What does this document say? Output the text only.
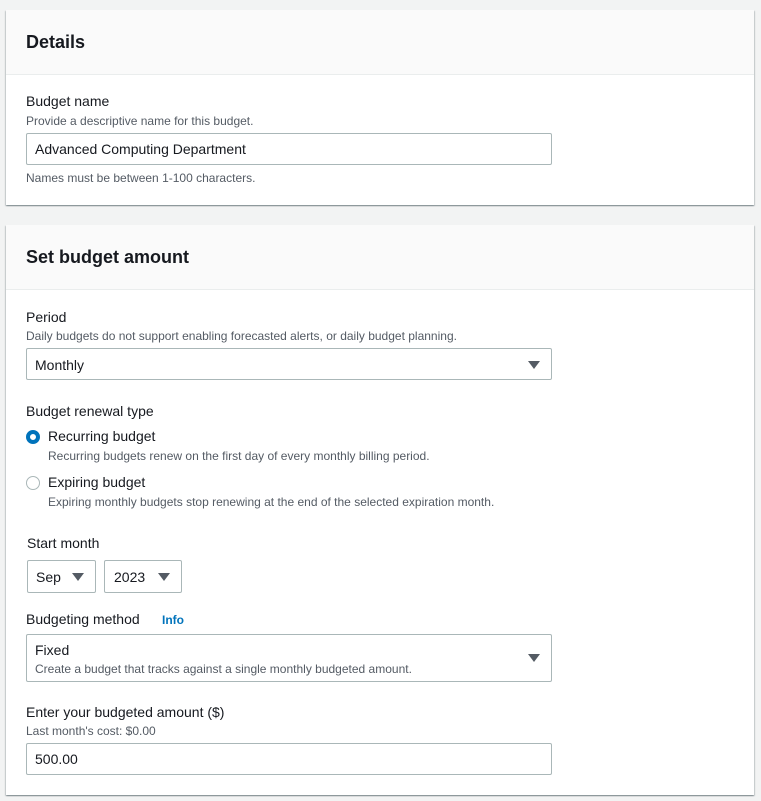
Details
Budget name
Provide a descriptive name for this budget.
Advanced Computing Department
Names must be between 1-100 characters.
Set budget amount
Period
Daily budgets do not support enabling forecasted alerts, or daily budget planning.
Monthly
Budget renewal type
Recurring budget
Recurring budgets renew on the first day of every monthly billing period.
Expiring budget
Expiring monthly budgets stop renewing at the end of the selected expiration month.
Start month
Sep	2023
Budgeting method Info
Fixed
Create a budget that tracks against a single monthly budgeted amount.
Enter your budgeted amount ($)
Last month's cost: $0.00
500.00
